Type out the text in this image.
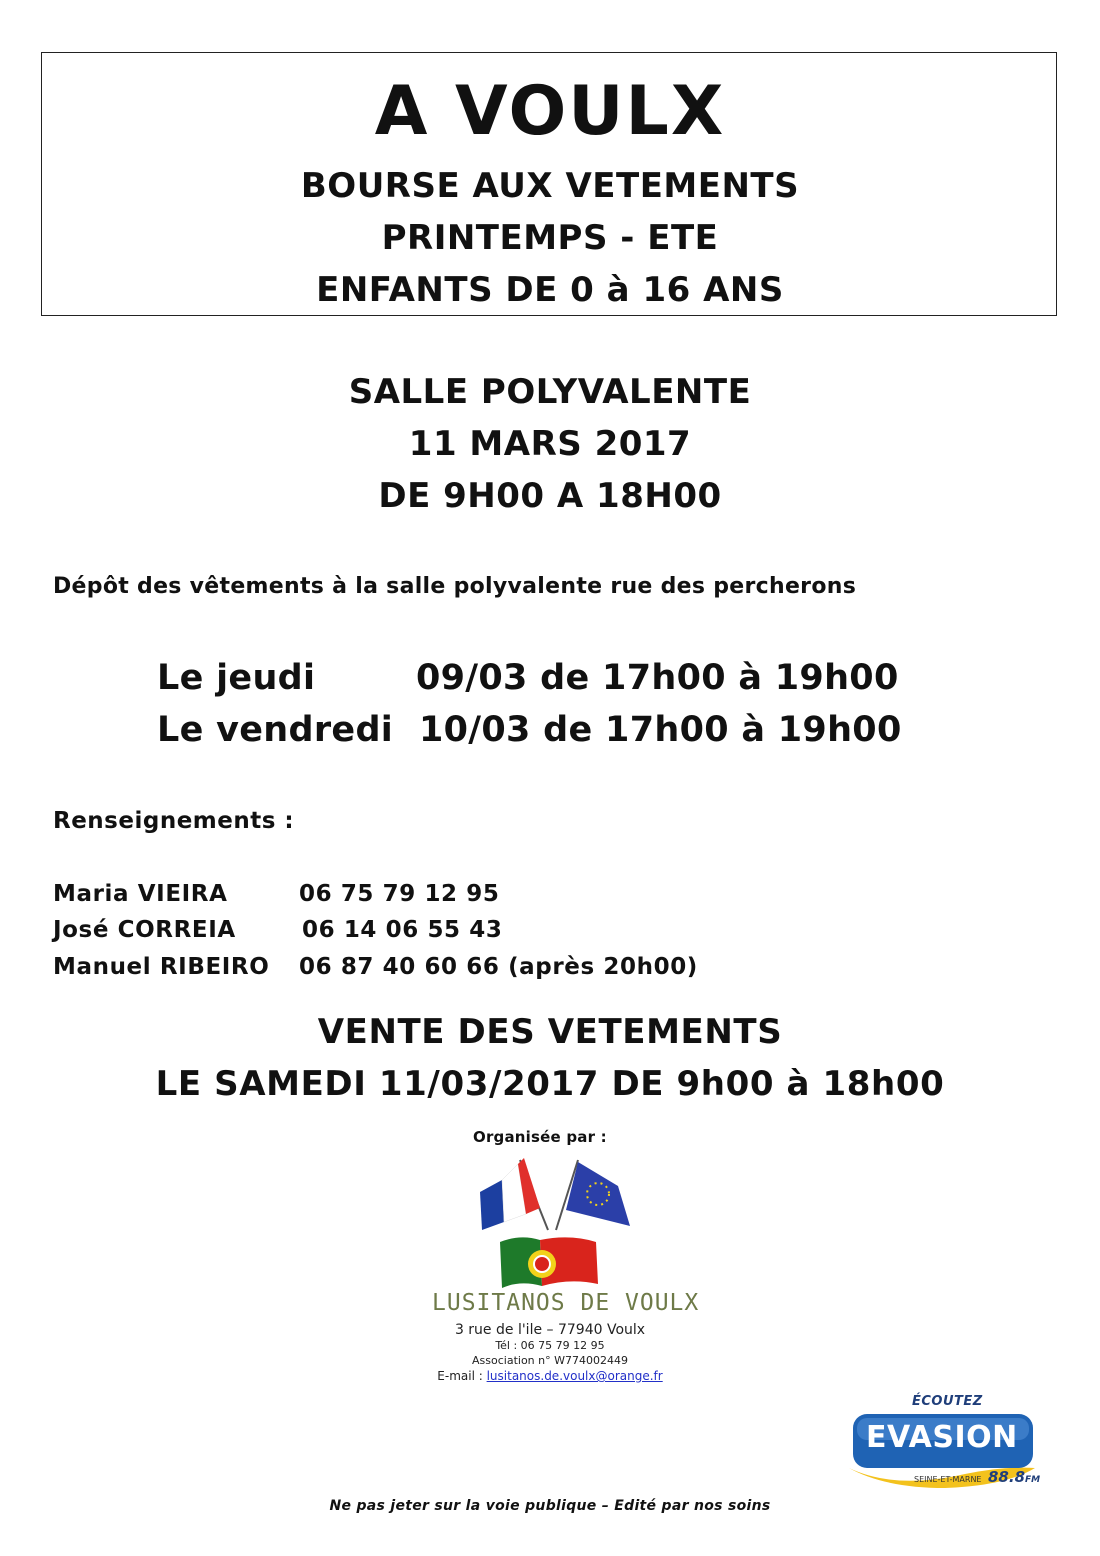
A VOULX
BOURSE AUX VETEMENTS
PRINTEMPS - ETE
ENFANTS DE 0 à 16 ANS
SALLE POLYVALENTE
11 MARS 2017
DE 9H00 A 18H00
Dépôt des vêtements à la salle polyvalente rue des percherons
Le jeudi	09/03 de 17h00 à 19h00
Le vendredi 10/03 de 17h00 à 19h00
Renseignements :
Maria VIEIRA	06 75 79 12 95
José CORREIA	06 14 06 55 43
Manuel RIBEIRO 06 87 40 60 66 (après 20h00)
VENTE DES VETEMENTS
LE SAMEDI 11/03/2017 DE 9h00 à 18h00
Organisée par :
LUSITANOS DE VOULX
3 rue de l'ile – 77940 Voulx
Tél : 06 75 79 12 95
Association n° W774002449
E-mail : lusitanos.de.voulx@orange.fr
ÉCOUTEZ
EVASION
SEINE-ET-MARNE 88.8FM
Ne pas jeter sur la voie publique – Edité par nos soins
